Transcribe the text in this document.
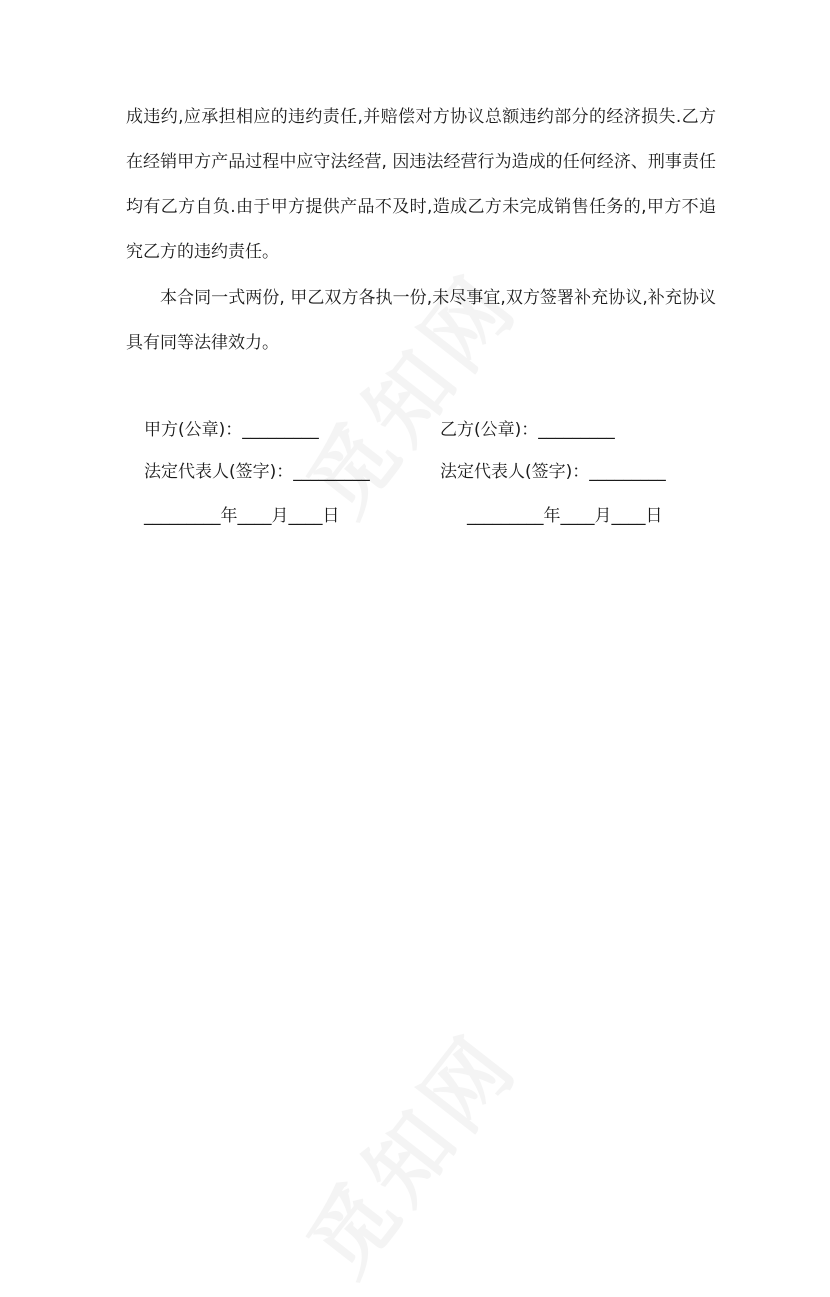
成违约,应承担相应的违约责任,并赔偿对方协议总额违约部分的经济损失.乙方在经销甲方产品过程中应守法经营, 因违法经营行为造成的任何经济、刑事责任均有乙方自负.由于甲方提供产品不及时,造成乙方未完成销售任务的,甲方不追究乙方的违约责任。

本合同一式两份, 甲乙双方各执一份,未尽事宜,双方签署补充协议,补充协议具有同等法律效力。

甲方(公章)：_________	乙方(公章)：_________

法定代表人(签字)：_________	法定代表人(签字)：_________

_________年____月____日	_________年____月____日
